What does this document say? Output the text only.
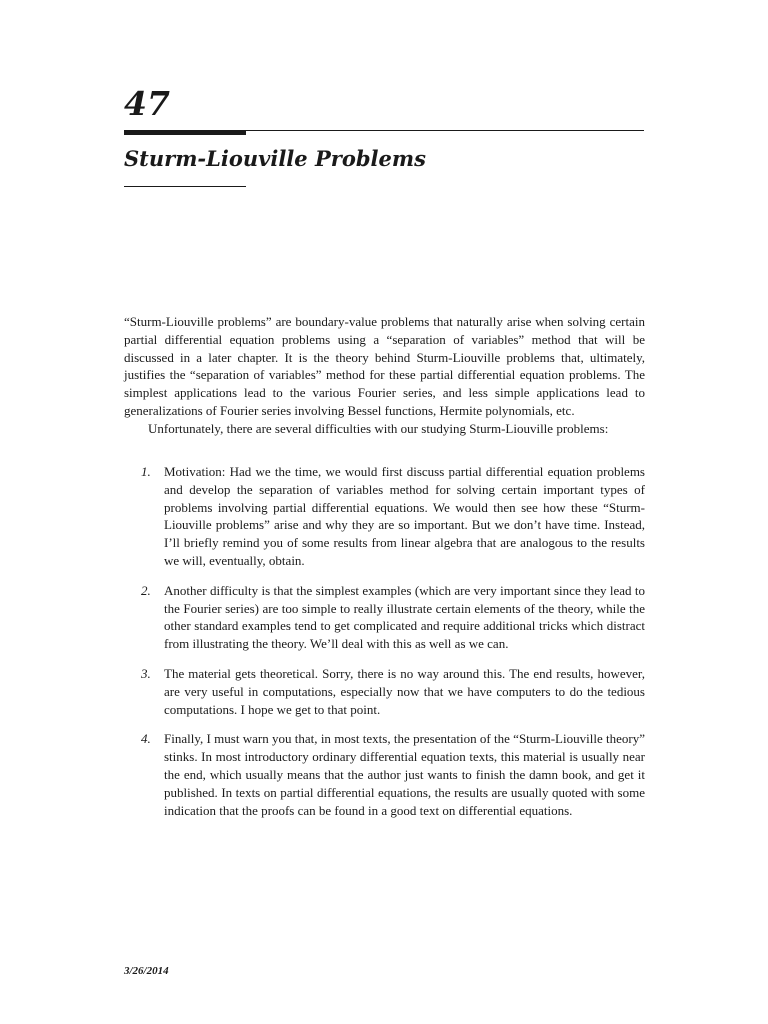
47
Sturm-Liouville Problems

“Sturm-Liouville problems” are boundary-value problems that naturally arise when solving certain partial differential equation problems using a “separation of variables” method that will be discussed in a later chapter. It is the theory behind Sturm-Liouville problems that, ultimately, justifies the “separation of variables” method for these partial differential equation problems. The simplest applications lead to the various Fourier series, and less simple applications lead to generalizations of Fourier series involving Bessel functions, Hermite polynomials, etc.

Unfortunately, there are several difficulties with our studying Sturm-Liouville problems:

1. Motivation: Had we the time, we would first discuss partial differential equation problems and develop the separation of variables method for solving certain important types of problems involving partial differential equations. We would then see how these “Sturm-Liouville problems” arise and why they are so important. But we don’t have time. Instead, I’ll briefly remind you of some results from linear algebra that are analogous to the results we will, eventually, obtain.
2. Another difficulty is that the simplest examples (which are very important since they lead to the Fourier series) are too simple to really illustrate certain elements of the theory, while the other standard examples tend to get complicated and require additional tricks which distract from illustrating the theory. We’ll deal with this as well as we can.
3. The material gets theoretical. Sorry, there is no way around this. The end results, however, are very useful in computations, especially now that we have computers to do the tedious computations. I hope we get to that point.
4. Finally, I must warn you that, in most texts, the presentation of the “Sturm-Liouville theory” stinks. In most introductory ordinary differential equation texts, this material is usually near the end, which usually means that the author just wants to finish the damn book, and get it published. In texts on partial differential equations, the results are usually quoted with some indication that the proofs can be found in a good text on differential equations.

3/26/2014
